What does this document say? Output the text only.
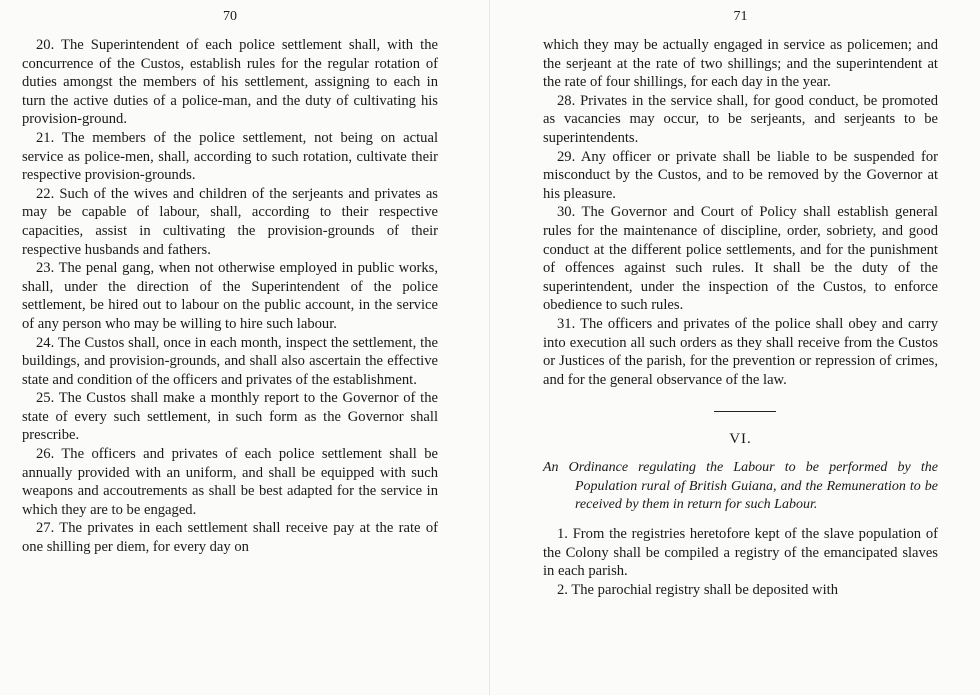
70

20. The Superintendent of each police settlement shall, with the concurrence of the Custos, establish rules for the regular rotation of duties amongst the members of his settlement, assigning to each in turn the active duties of a police-man, and the duty of cultivating his provision-ground.

21. The members of the police settlement, not being on actual service as police-men, shall, according to such rotation, cultivate their respective provision-grounds.

22. Such of the wives and children of the serjeants and privates as may be capable of labour, shall, according to their respective capacities, assist in cultivating the provision-grounds of their respective husbands and fathers.

23. The penal gang, when not otherwise employed in public works, shall, under the direction of the Superintendent of the police settlement, be hired out to labour on the public account, in the service of any person who may be willing to hire such labour.

24. The Custos shall, once in each month, inspect the settlement, the buildings, and provision-grounds, and shall also ascertain the effective state and condition of the officers and privates of the establishment.

25. The Custos shall make a monthly report to the Governor of the state of every such settlement, in such form as the Governor shall prescribe.

26. The officers and privates of each police settlement shall be annually provided with an uniform, and shall be equipped with such weapons and accoutrements as shall be best adapted for the service in which they are to be engaged.

27. The privates in each settlement shall receive pay at the rate of one shilling per diem, for every day on

71

which they may be actually engaged in service as policemen; and the serjeant at the rate of two shillings; and the superintendent at the rate of four shillings, for each day in the year.

28. Privates in the service shall, for good conduct, be promoted as vacancies may occur, to be serjeants, and serjeants to be superintendents.

29. Any officer or private shall be liable to be suspended for misconduct by the Custos, and to be removed by the Governor at his pleasure.

30. The Governor and Court of Policy shall establish general rules for the maintenance of discipline, order, sobriety, and good conduct at the different police settlements, and for the punishment of offences against such rules. It shall be the duty of the superintendent, under the inspection of the Custos, to enforce obedience to such rules.

31. The officers and privates of the police shall obey and carry into execution all such orders as they shall receive from the Custos or Justices of the parish, for the prevention or repression of crimes, and for the general observance of the law.

VI.

An Ordinance regulating the Labour to be performed by the Population rural of British Guiana, and the Remuneration to be received by them in return for such Labour.

1. From the registries heretofore kept of the slave population of the Colony shall be compiled a registry of the emancipated slaves in each parish.

2. The parochial registry shall be deposited with
